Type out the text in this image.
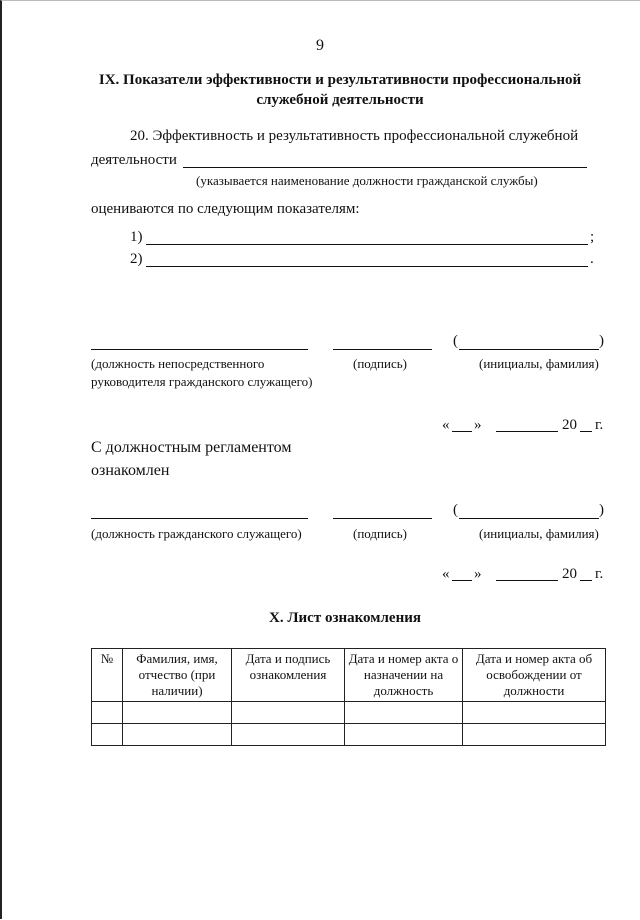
9
IX. Показатели эффективности и результативности профессиональной
служебной деятельности
20. Эффективность и результативность профессиональной служебной
деятельности
(указывается наименование должности гражданской службы)
оцениваются по следующим показателям:
1)	;
2)	.
(	)
(должность непосредственного
руководителя гражданского служащего)
(подпись)	(инициалы, фамилия)
« »	20 г.
С должностным регламентом
ознакомлен
(	)
(должность гражданского служащего)	(подпись)	(инициалы, фамилия)
« »	20 г.
X. Лист ознакомления
№	Фамилия, имя, отчество (при наличии)	Дата и подпись ознакомления	Дата и номер акта о назначении на должность	Дата и номер акта об освобождении от должности
